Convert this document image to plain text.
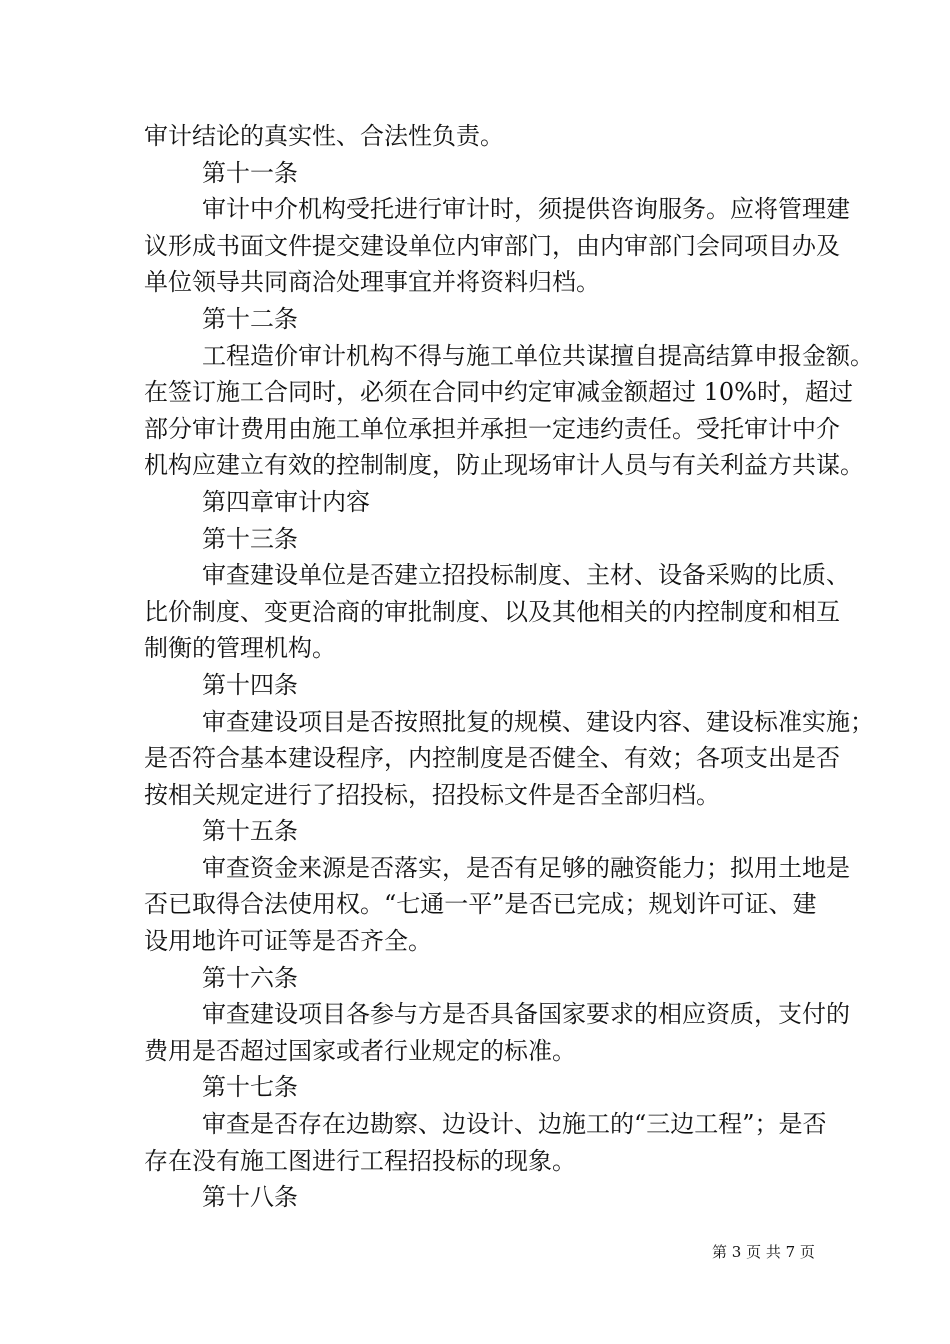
审计结论的真实性、合法性负责。

第十一条

审计中介机构受托进行审计时，须提供咨询服务。应将管理建

议形成书面文件提交建设单位内审部门，由内审部门会同项目办及

单位领导共同商洽处理事宜并将资料归档。

第十二条

工程造价审计机构不得与施工单位共谋擅自提高结算申报金额。

在签订施工合同时，必须在合同中约定审减金额超过 10%时，超过

部分审计费用由施工单位承担并承担一定违约责任。受托审计中介

机构应建立有效的控制制度，防止现场审计人员与有关利益方共谋。

第四章审计内容

第十三条

审查建设单位是否建立招投标制度、主材、设备采购的比质、

比价制度、变更洽商的审批制度、以及其他相关的内控制度和相互

制衡的管理机构。

第十四条

审查建设项目是否按照批复的规模、建设内容、建设标准实施；

是否符合基本建设程序，内控制度是否健全、有效；各项支出是否

按相关规定进行了招投标，招投标文件是否全部归档。

第十五条

审查资金来源是否落实，是否有足够的融资能力；拟用土地是

否已取得合法使用权。“七通一平”是否已完成；规划许可证、建

设用地许可证等是否齐全。

第十六条

审查建设项目各参与方是否具备国家要求的相应资质，支付的

费用是否超过国家或者行业规定的标准。

第十七条

审查是否存在边勘察、边设计、边施工的“三边工程”；是否

存在没有施工图进行工程招投标的现象。

第十八条

第 3 页 共 7 页
